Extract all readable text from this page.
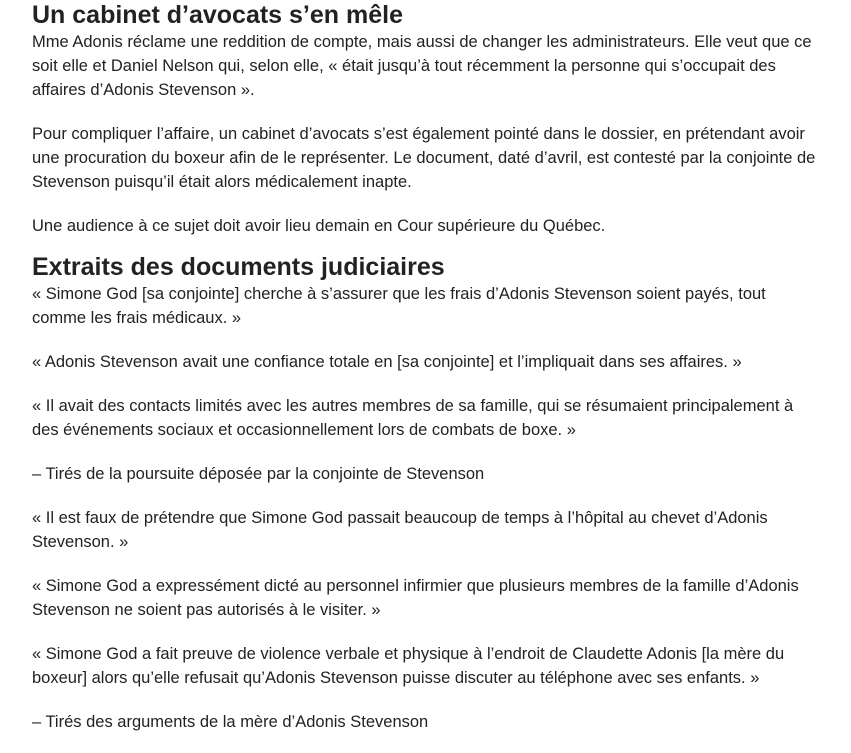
Un cabinet d’avocats s’en mêle

Mme Adonis réclame une reddition de compte, mais aussi de changer les administrateurs. Elle veut que ce soit elle et Daniel Nelson qui, selon elle, « était jusqu’à tout récemment la personne qui s’occupait des affaires d’Adonis Stevenson ».

Pour compliquer l’affaire, un cabinet d’avocats s’est également pointé dans le dossier, en prétendant avoir une procuration du boxeur afin de le représenter. Le document, daté d’avril, est contesté par la conjointe de Stevenson puisqu’il était alors médicalement inapte.

Une audience à ce sujet doit avoir lieu demain en Cour supérieure du Québec.

Extraits des documents judiciaires

« Simone God [sa conjointe] cherche à s’assurer que les frais d’Adonis Stevenson soient payés, tout comme les frais médicaux. »

« Adonis Stevenson avait une confiance totale en [sa conjointe] et l’impliquait dans ses affaires. »

« Il avait des contacts limités avec les autres membres de sa famille, qui se résumaient principalement à des événements sociaux et occasionnellement lors de combats de boxe. »

– Tirés de la poursuite déposée par la conjointe de Stevenson

« Il est faux de prétendre que Simone God passait beaucoup de temps à l’hôpital au chevet d’Adonis Stevenson. »

« Simone God a expressément dicté au personnel infirmier que plusieurs membres de la famille d’Adonis Stevenson ne soient pas autorisés à le visiter. »

« Simone God a fait preuve de violence verbale et physique à l’endroit de Claudette Adonis [la mère du boxeur] alors qu’elle refusait qu’Adonis Stevenson puisse discuter au téléphone avec ses enfants. »

– Tirés des arguments de la mère d’Adonis Stevenson
